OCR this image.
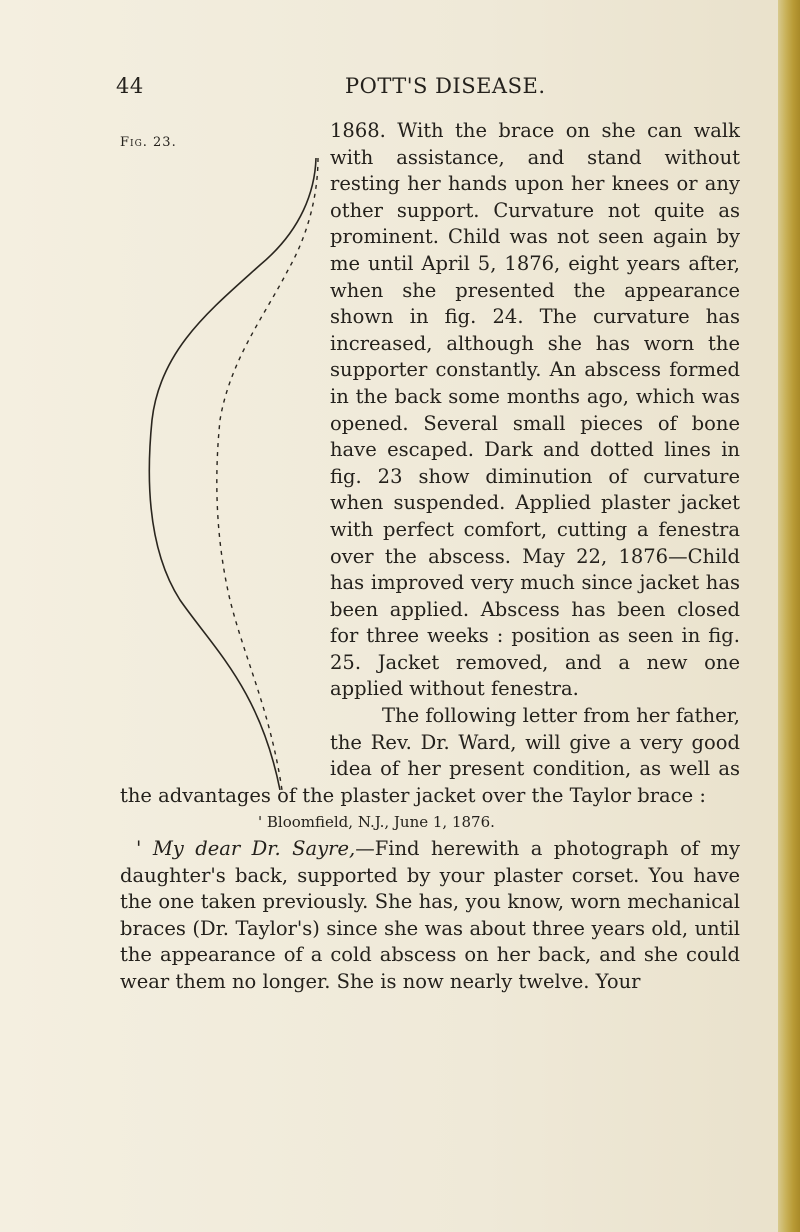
44	POTT'S DISEASE.
Fig. 23.

1868. With the brace on she can walk with assistance, and stand without resting her hands upon her knees or any other support. Curvature not quite as prominent. Child was not seen again by me until April 5, 1876, eight years after, when she presented the appearance shown in fig. 24. The curvature has increased, although she has worn the supporter constantly. An abscess formed in the back some months ago, which was opened. Several small pieces of bone have escaped. Dark and dotted lines in fig. 23 show diminution of curvature when suspended. Applied plaster jacket with perfect comfort, cutting a fenestra over the abscess. May 22, 1876—Child has improved very much since jacket has been applied. Abscess has been closed for three weeks : position as seen in fig. 25. Jacket removed, and a new one applied without fenestra.

The following letter from her father, the Rev. Dr. Ward, will give a very good idea of her present condition, as well as the advantages of the plaster jacket over the Taylor brace :

' Bloomfield, N.J., June 1, 1876.

' My dear Dr. Sayre,—Find herewith a photograph of my daughter's back, supported by your plaster corset. You have the one taken previously. She has, you know, worn mechanical braces (Dr. Taylor's) since she was about three years old, until the appearance of a cold abscess on her back, and she could wear them no longer. She is now nearly twelve. Your
